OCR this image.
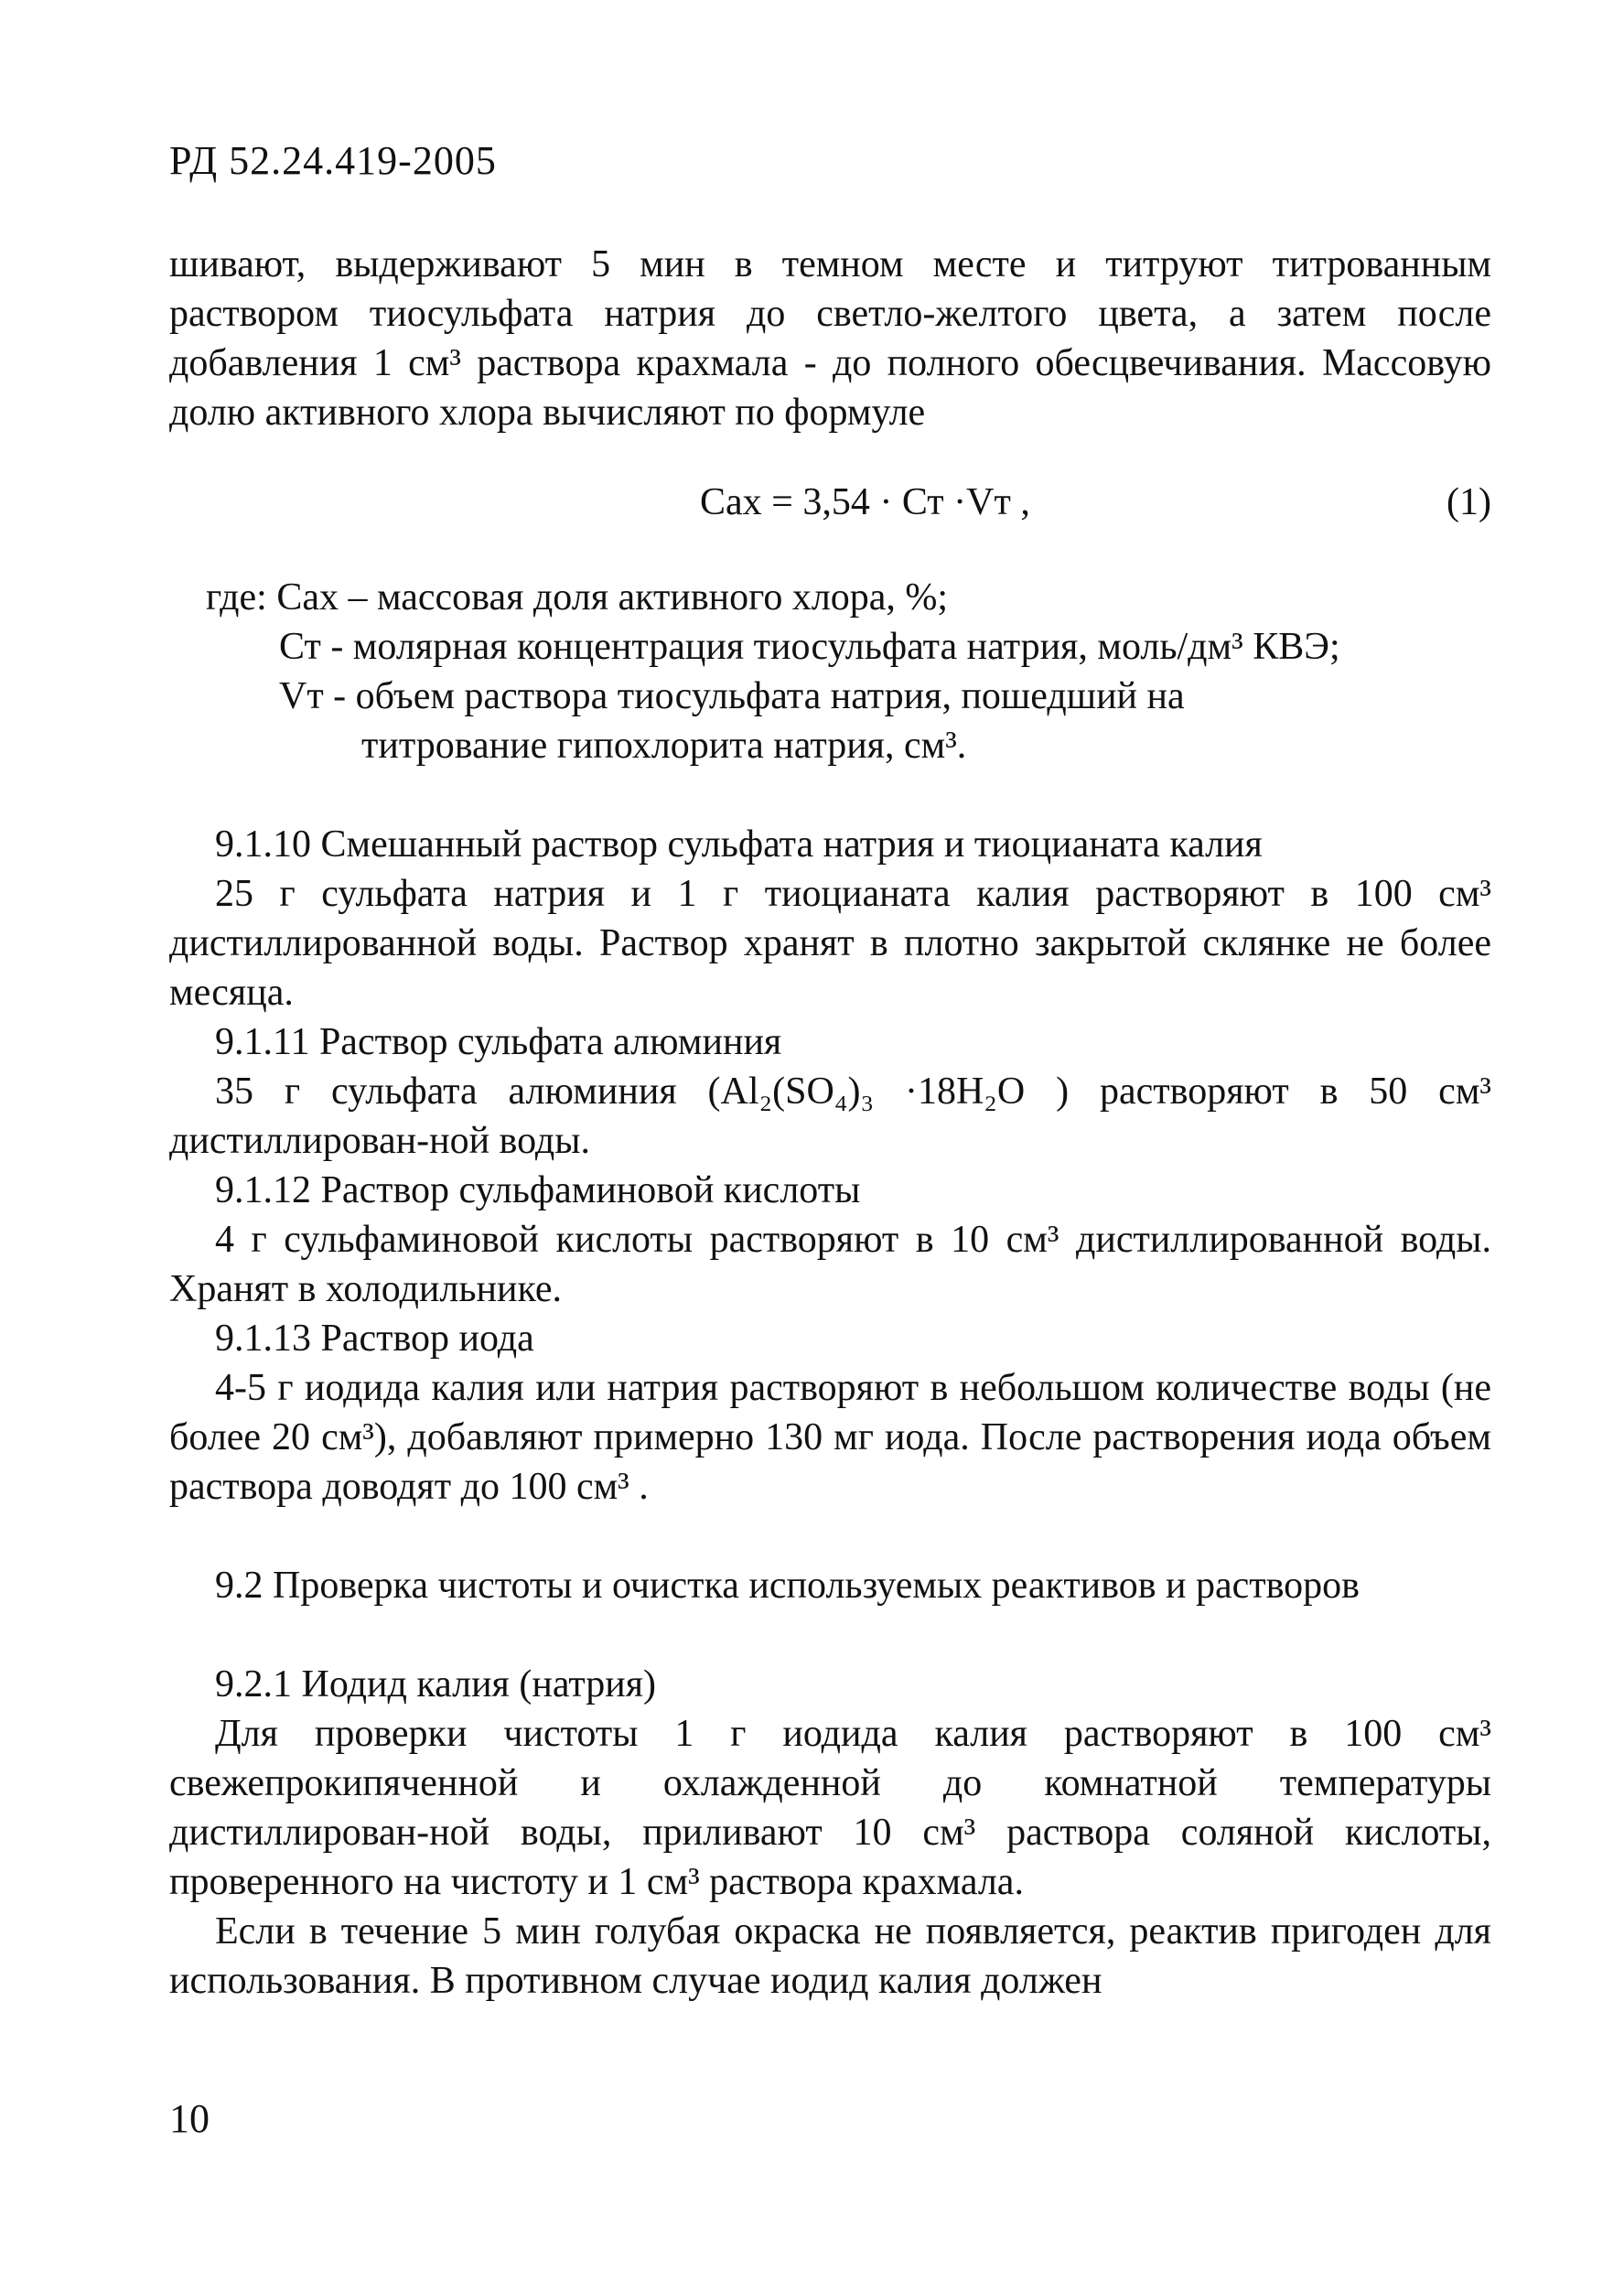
РД 52.24.419-2005

шивают, выдерживают 5 мин в темном месте и титруют титрованным раствором тиосульфата натрия до светло-желтого цвета, а затем после добавления 1 см³ раствора крахмала - до полного обесцвечивания. Массовую долю активного хлора вычисляют по формуле

Сах = 3,54 · Ст ·Vт ,	(1)
где: Сах – массовая доля активного хлора, %;
Ст - молярная концентрация тиосульфата натрия, моль/дм³ КВЭ;
Vт - объем раствора тиосульфата натрия, пошедший на
титрование гипохлорита натрия, см³.

9.1.10 Смешанный раствор сульфата натрия и тиоцианата калия

25 г сульфата натрия и 1 г тиоцианата калия растворяют в 100 см³ дистиллированной воды. Раствор хранят в плотно закрытой склянке не более месяца.

9.1.11 Раствор сульфата алюминия

35 г сульфата алюминия (Al₂(SO₄)₃ ·18H₂O ) растворяют в 50 см³ дистиллирован-ной воды.

9.1.12 Раствор сульфаминовой кислоты

4 г сульфаминовой кислоты растворяют в 10 см³ дистиллированной воды. Хранят в холодильнике.

9.1.13 Раствор иода

4-5 г иодида калия или натрия растворяют в небольшом количестве воды (не более 20 см³), добавляют примерно 130 мг иода. После растворения иода объем раствора доводят до 100 см³ .

9.2 Проверка чистоты и очистка используемых реактивов и растворов

9.2.1 Иодид калия (натрия)

Для проверки чистоты 1 г иодида калия растворяют в 100 см³ свежепрокипяченной и охлажденной до комнатной температуры дистиллирован-ной воды, приливают 10 см³ раствора соляной кислоты, проверенного на чистоту и 1 см³ раствора крахмала.

Если в течение 5 мин голубая окраска не появляется, реактив пригоден для использования. В противном случае иодид калия должен

10
